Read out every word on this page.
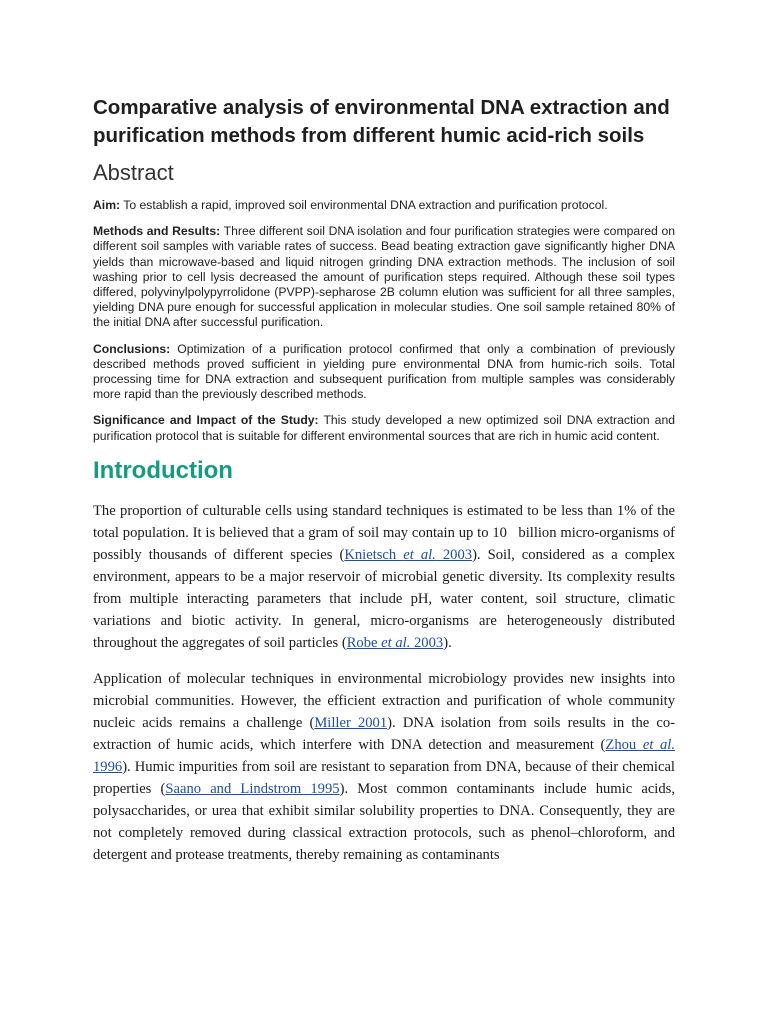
Comparative analysis of environmental DNA extraction and purification methods from different humic acid-rich soils
Abstract

Aim: To establish a rapid, improved soil environmental DNA extraction and purification protocol.

Methods and Results: Three different soil DNA isolation and four purification strategies were compared on different soil samples with variable rates of success. Bead beating extraction gave significantly higher DNA yields than microwave-based and liquid nitrogen grinding DNA extraction methods. The inclusion of soil washing prior to cell lysis decreased the amount of purification steps required. Although these soil types differed, polyvinylpolypyrrolidone (PVPP)-sepharose 2B column elution was sufficient for all three samples, yielding DNA pure enough for successful application in molecular studies. One soil sample retained 80% of the initial DNA after successful purification.

Conclusions: Optimization of a purification protocol confirmed that only a combination of previously described methods proved sufficient in yielding pure environmental DNA from humic-rich soils. Total processing time for DNA extraction and subsequent purification from multiple samples was considerably more rapid than the previously described methods.

Significance and Impact of the Study: This study developed a new optimized soil DNA extraction and purification protocol that is suitable for different environmental sources that are rich in humic acid content.

Introduction

The proportion of culturable cells using standard techniques is estimated to be less than 1% of the total population. It is believed that a gram of soil may contain up to 10 billion micro-organisms of possibly thousands of different species (Knietsch et al. 2003). Soil, considered as a complex environment, appears to be a major reservoir of microbial genetic diversity. Its complexity results from multiple interacting parameters that include pH, water content, soil structure, climatic variations and biotic activity. In general, micro-organisms are heterogeneously distributed throughout the aggregates of soil particles (Robe et al. 2003).

Application of molecular techniques in environmental microbiology provides new insights into microbial communities. However, the efficient extraction and purification of whole community nucleic acids remains a challenge (Miller 2001). DNA isolation from soils results in the co-extraction of humic acids, which interfere with DNA detection and measurement (Zhou et al. 1996). Humic impurities from soil are resistant to separation from DNA, because of their chemical properties (Saano and Lindstrom 1995). Most common contaminants include humic acids, polysaccharides, or urea that exhibit similar solubility properties to DNA. Consequently, they are not completely removed during classical extraction protocols, such as phenol–chloroform, and detergent and protease treatments, thereby remaining as contaminants
